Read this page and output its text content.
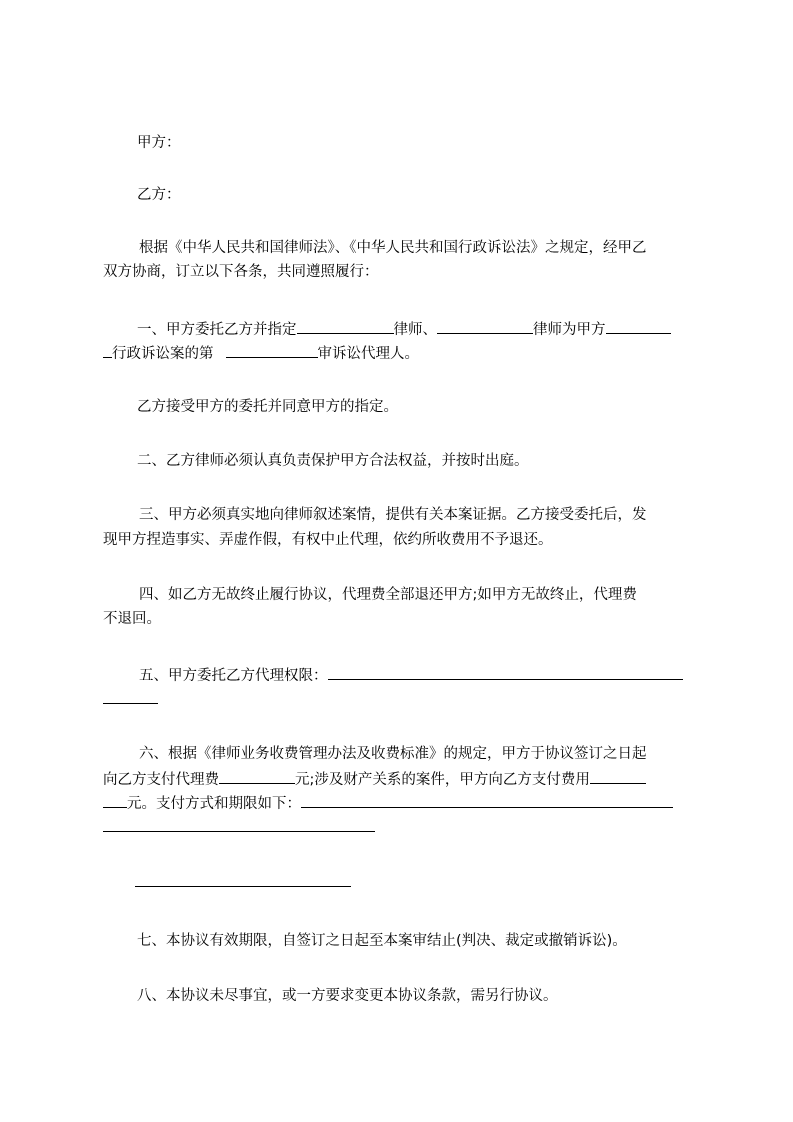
甲方：
乙方：
根据《中华人民共和国律师法》、《中华人民共和国行政诉讼法》之规定，经甲乙
双方协商，订立以下各条，共同遵照履行：
一、甲方委托乙方并指定	律师、	律师为甲方
行政诉讼案的第	审诉讼代理人。
乙方接受甲方的委托并同意甲方的指定。
二、乙方律师必须认真负责保护甲方合法权益，并按时出庭。
三、甲方必须真实地向律师叙述案情，提供有关本案证据。乙方接受委托后，发
现甲方捏造事实、弄虚作假，有权中止代理，依约所收费用不予退还。
四、如乙方无故终止履行协议，代理费全部退还甲方;如甲方无故终止，代理费
不退回。
五、甲方委托乙方代理权限：
六、根据《律师业务收费管理办法及收费标准》的规定，甲方于协议签订之日起
向乙方支付代理费	元;涉及财产关系的案件，甲方向乙方支付费用
元。支付方式和期限如下：
七、本协议有效期限，自签订之日起至本案审结止(判决、裁定或撤销诉讼)。
八、本协议未尽事宜，或一方要求变更本协议条款，需另行协议。
